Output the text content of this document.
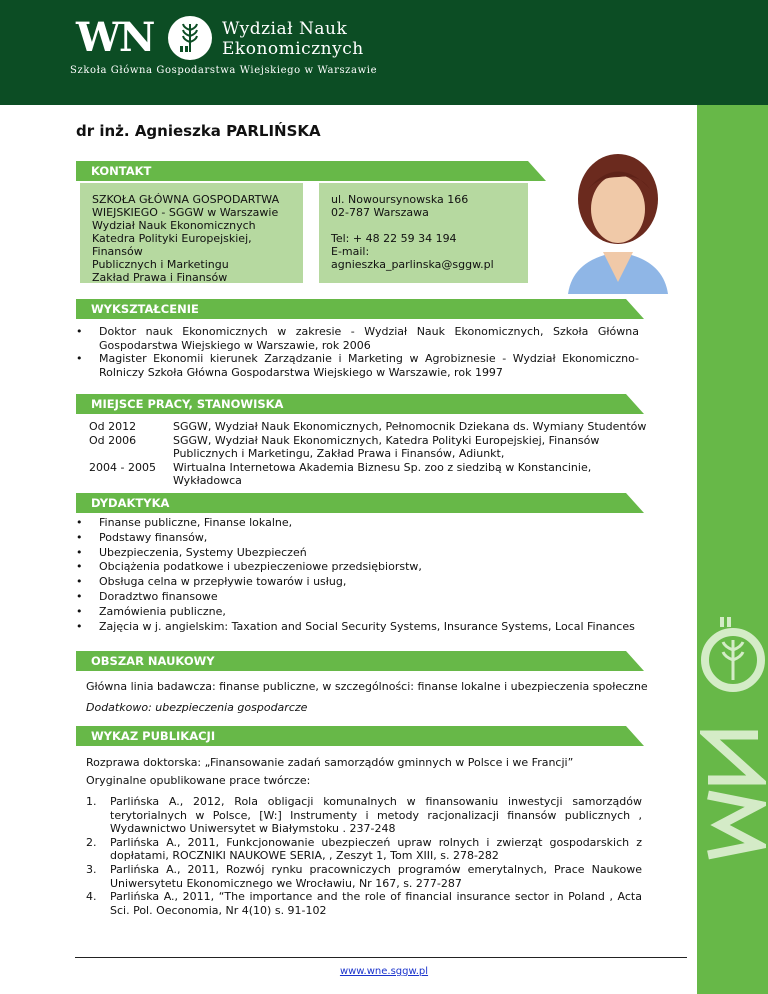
WN	Wydział Nauk
Ekonomicznych
Szkoła Główna Gospodarstwa Wiejskiego w Warszawie
dr inż. Agnieszka PARLIŃSKA
KONTAKT
SZKOŁA GŁÓWNA GOSPODARTWA
WIEJSKIEGO - SGGW w Warszawie
Wydział Nauk Ekonomicznych
Katedra Polityki Europejskiej, Finansów
Publicznych i Marketingu
Zakład Prawa i Finansów
ul. Nowoursynowska 166
02-787 Warszawa
Tel: + 48 22 59 34 194
E-mail: agnieszka_parlinska@sggw.pl
WYKSZTAŁCENIE
• Doktor nauk Ekonomicznych w zakresie - Wydział Nauk Ekonomicznych, Szkoła Główna Gospodarstwa Wiejskiego w Warszawie, rok 2006
• Magister Ekonomii kierunek Zarządzanie i Marketing w Agrobiznesie - Wydział Ekonomiczno- Rolniczy Szkoła Główna Gospodarstwa Wiejskiego w Warszawie, rok 1997
MIEJSCE PRACY, STANOWISKA
Od 2012	SGGW, Wydział Nauk Ekonomicznych, Pełnomocnik Dziekana ds. Wymiany Studentów
Od 2006	SGGW, Wydział Nauk Ekonomicznych, Katedra Polityki Europejskiej, Finansów Publicznych i Marketingu, Zakład Prawa i Finansów, Adiunkt,
2004 - 2005	Wirtualna Internetowa Akademia Biznesu Sp. zoo z siedzibą w Konstancinie, Wykładowca
DYDAKTYKA
• Finanse publiczne, Finanse lokalne,
• Podstawy finansów,
• Ubezpieczenia, Systemy Ubezpieczeń
• Obciążenia podatkowe i ubezpieczeniowe przedsiębiorstw,
• Obsługa celna w przepływie towarów i usług,
• Doradztwo finansowe
• Zamówienia publiczne,
• Zajęcia w j. angielskim: Taxation and Social Security Systems, Insurance Systems, Local Finances
OBSZAR NAUKOWY
Główna linia badawcza: finanse publiczne, w szczególności: finanse lokalne i ubezpieczenia społeczne
Dodatkowo: ubezpieczenia gospodarcze
WYKAZ PUBLIKACJI
Rozprawa doktorska: „Finansowanie zadań samorządów gminnych w Polsce i we Francji”
Oryginalne opublikowane prace twórcze:
1.	Parlińska A., 2012, Rola obligacji komunalnych w finansowaniu inwestycji samorządów terytorialnych w Polsce, [W:] Instrumenty i metody racjonalizacji finansów publicznych , Wydawnictwo Uniwersytet w Białymstoku . 237-248
2.	Parlińska A., 2011, Funkcjonowanie ubezpieczeń upraw rolnych i zwierząt gospodarskich z dopłatami, ROCZNIKI NAUKOWE SERIA, , Zeszyt 1, Tom XIII, s. 278-282
3.	Parlińska A., 2011, Rozwój rynku pracowniczych programów emerytalnych, Prace Naukowe Uniwersytetu Ekonomicznego we Wrocławiu, Nr 167, s. 277-287
4.	Parlińska A., 2011, “The importance and the role of financial insurance sector in Poland , Acta Sci. Pol. Oeconomia, Nr 4(10) s. 91-102
www.wne.sggw.pl
